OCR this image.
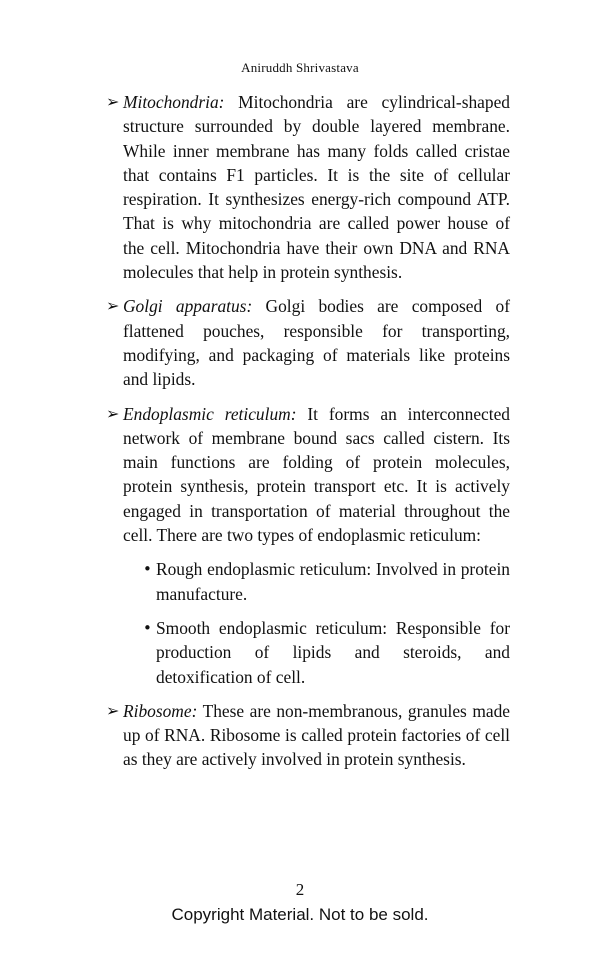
Aniruddh Shrivastava
➢ Mitochondria: Mitochondria are cylindrical-shaped structure surrounded by double layered membrane. While inner membrane has many folds called cristae that contains F1 particles. It is the site of cellular respiration. It synthesizes energy-rich compound ATP. That is why mitochondria are called power house of the cell. Mitochondria have their own DNA and RNA molecules that help in protein synthesis.
➢ Golgi apparatus: Golgi bodies are composed of flattened pouches, responsible for transporting, modifying, and packaging of materials like proteins and lipids.
➢ Endoplasmic reticulum: It forms an interconnected network of membrane bound sacs called cistern. Its main functions are folding of protein molecules, protein synthesis, protein transport etc. It is actively engaged in transportation of material throughout the cell. There are two types of endoplasmic reticulum:
• Rough endoplasmic reticulum: Involved in protein manufacture.
• Smooth endoplasmic reticulum: Responsible for production of lipids and steroids, and detoxification of cell.
➢ Ribosome: These are non-membranous, granules made up of RNA. Ribosome is called protein factories of cell as they are actively involved in protein synthesis.
2
Copyright Material. Not to be sold.
